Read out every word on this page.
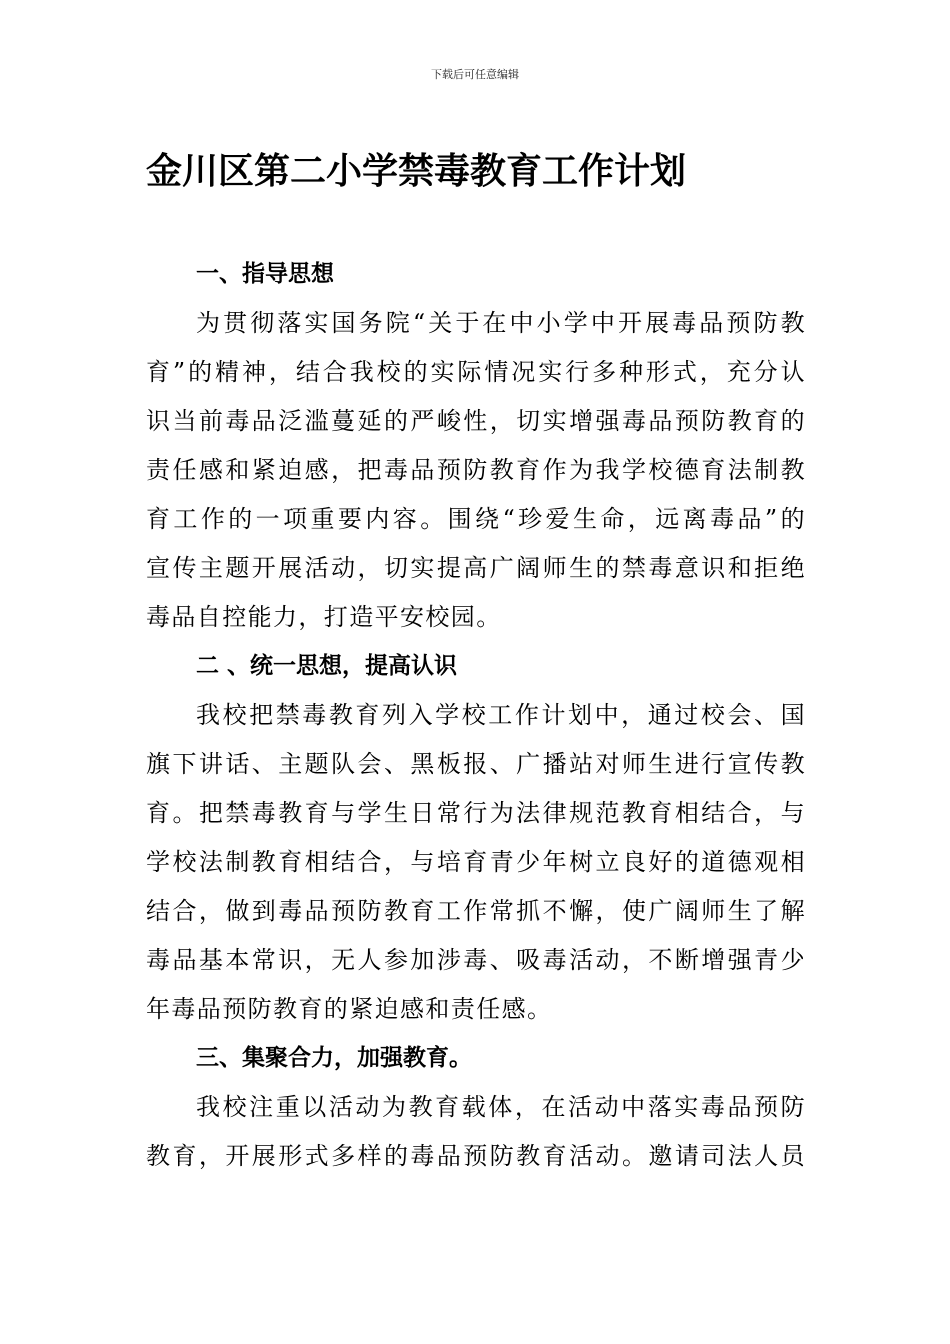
下载后可任意编辑
金川区第二小学禁毒教育工作计划

一、指导思想

为贯彻落实国务院“关于在中小学中开展毒品预防教

育”的精神，结合我校的实际情况实行多种形式，充分认

识当前毒品泛滥蔓延的严峻性，切实增强毒品预防教育的

责任感和紧迫感，把毒品预防教育作为我学校德育法制教

育工作的一项重要内容。围绕“珍爱生命，远离毒品”的

宣传主题开展活动，切实提高广阔师生的禁毒意识和拒绝

毒品自控能力，打造平安校园。

二 、统一思想，提高认识

我校把禁毒教育列入学校工作计划中，通过校会、国

旗下讲话、主题队会、黑板报、广播站对师生进行宣传教

育。把禁毒教育与学生日常行为法律规范教育相结合，与

学校法制教育相结合，与培育青少年树立良好的道德观相

结合，做到毒品预防教育工作常抓不懈，使广阔师生了解

毒品基本常识，无人参加涉毒、吸毒活动，不断增强青少

年毒品预防教育的紧迫感和责任感。

三、集聚合力，加强教育。

我校注重以活动为教育载体，在活动中落实毒品预防

教育，开展形式多样的毒品预防教育活动。邀请司法人员
